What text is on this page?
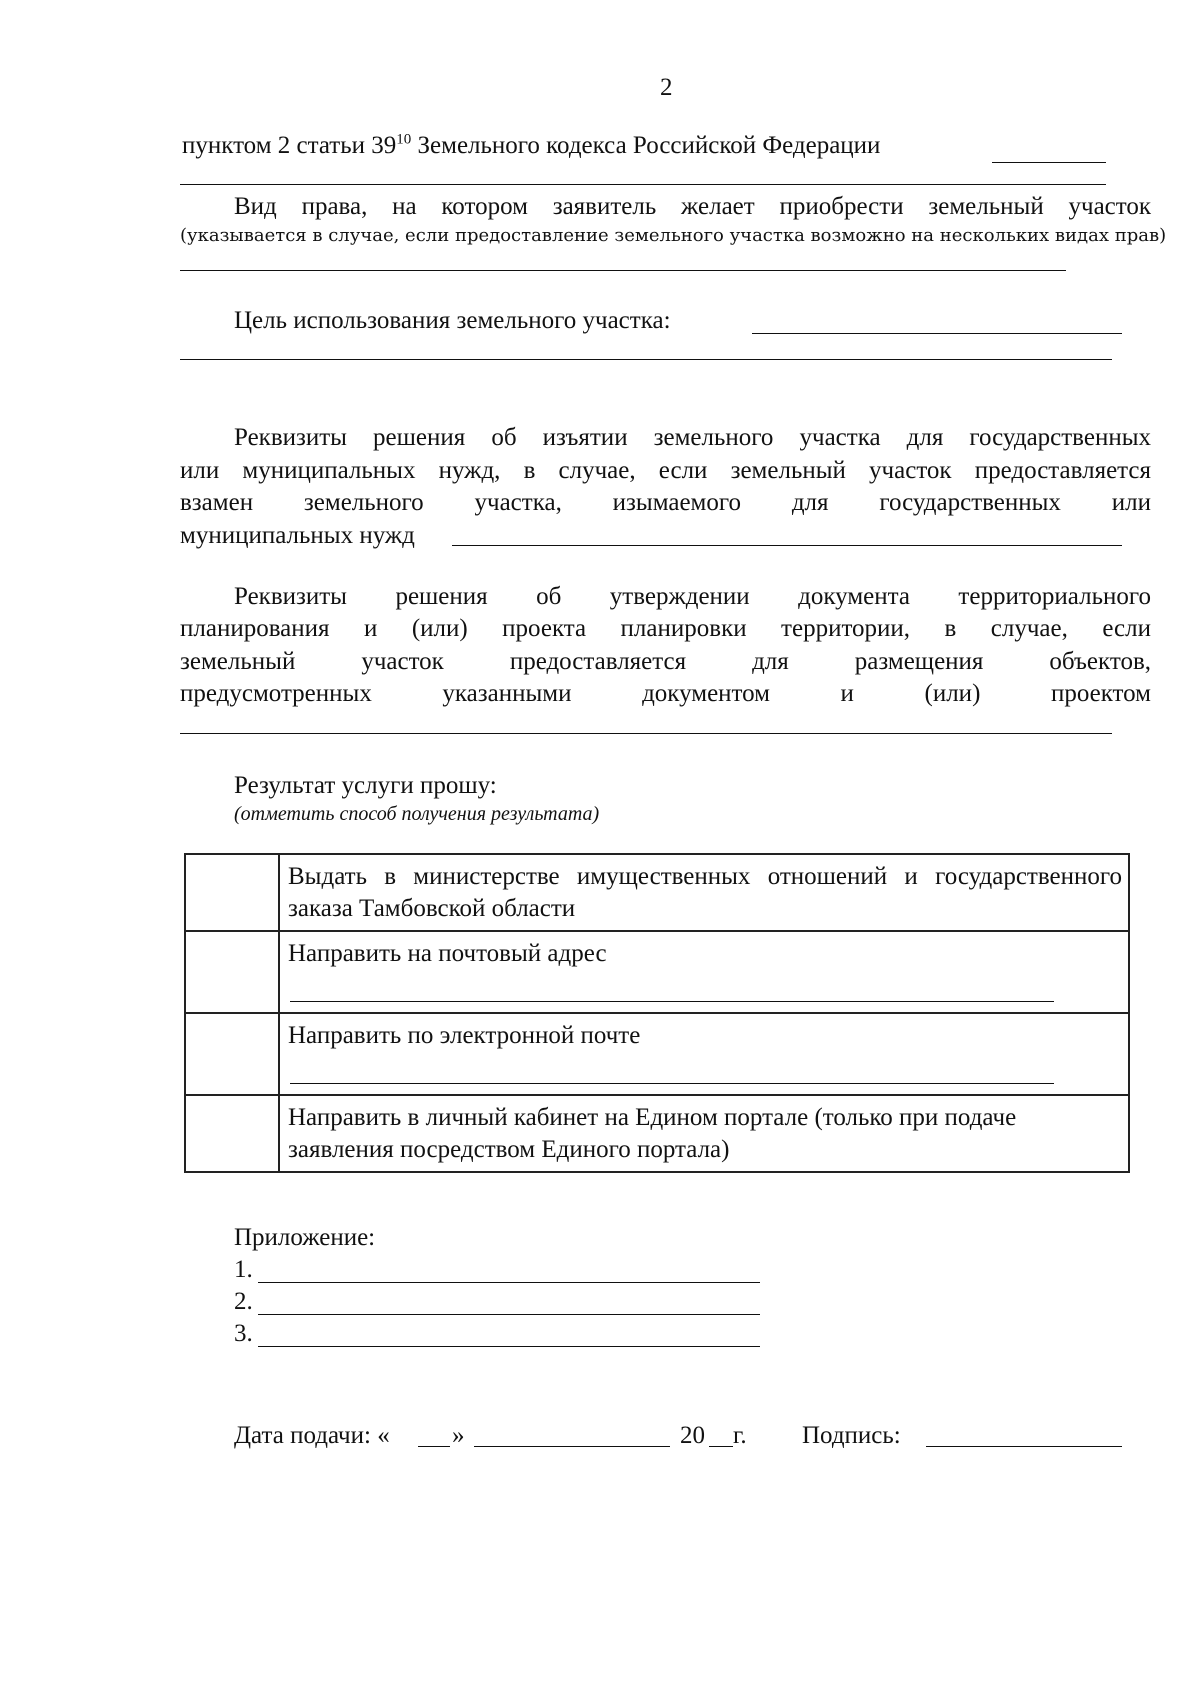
2
пунктом 2 статьи $39^{10}$ Земельного кодекса Российской Федерации
Вид права, на котором заявитель желает приобрести земельный участок
(указывается в случае, если предоставление земельного участка возможно на нескольких видах прав)
Цель использования земельного участка:
Реквизиты решения об изъятии земельного участка для государственных
или муниципальных нужд, в случае, если земельный участок предоставляется
взамен земельного участка, изымаемого для государственных или
муниципальных нужд
Реквизиты решения об утверждении документа территориального
планирования и (или) проекта планировки территории, в случае, если
земельный участок предоставляется для размещения объектов,
предусмотренных указанными документом и (или) проектом
Результат услуги прошу:
(отметить способ получения результата)

	Выдать в министерстве имущественных отношений и государственного заказа Тамбовской области

	Направить на почтовый адрес

	Направить по электронной почте

	Направить в личный кабинет на Едином портале (только при подаче заявления посредством Единого портала)
Приложение:
1.
2.
3.
Дата подачи: « »	20 г. Подпись:
